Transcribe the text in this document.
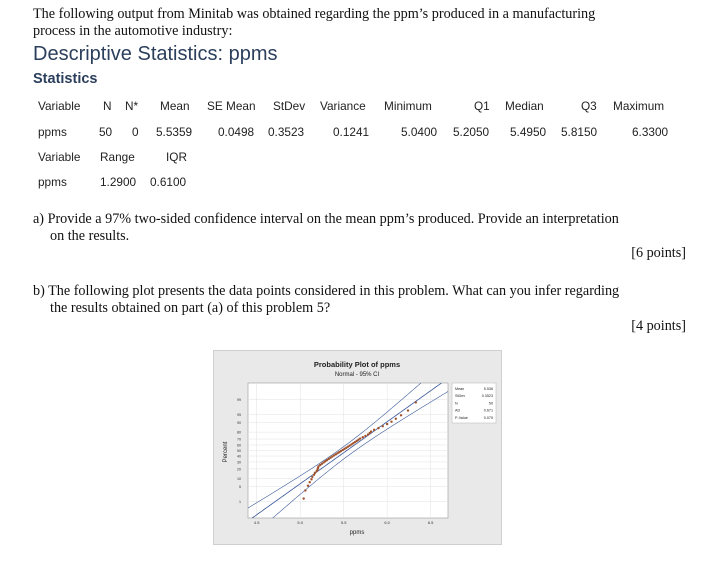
The following output from Minitab was obtained regarding the ppm’s produced in a manufacturing
process in the automotive industry:
Descriptive Statistics: ppms
Statistics
Variable N N* Mean SE Mean StDev Variance Minimum	Q1 Median	Q3 Maximum
ppms	50 0 5.5359 0.0498 0.3523 0.1241	5.0400 5.2050 5.4950 5.8150	6.3300
Variable Range	IQR
ppms	1.2900 0.6100
a) Provide a 97% two-sided confidence interval on the mean ppm’s produced. Provide an interpretation
on the results.
[6 points]
b) The following plot presents the data points considered in this problem. What can you infer regarding
the results obtained on part (a) of this problem 5?
[4 points]
Probability Plot of ppms
Normal - 95% CI
ppms
Percent
1
5
10
20
30
40
50
60
70
80
90
95
99
4.5	5.0	5.5	6.0	6.5
Mean	5.536
StDev	0.3523
N	50
AD	0.671
P-Value	0.075
